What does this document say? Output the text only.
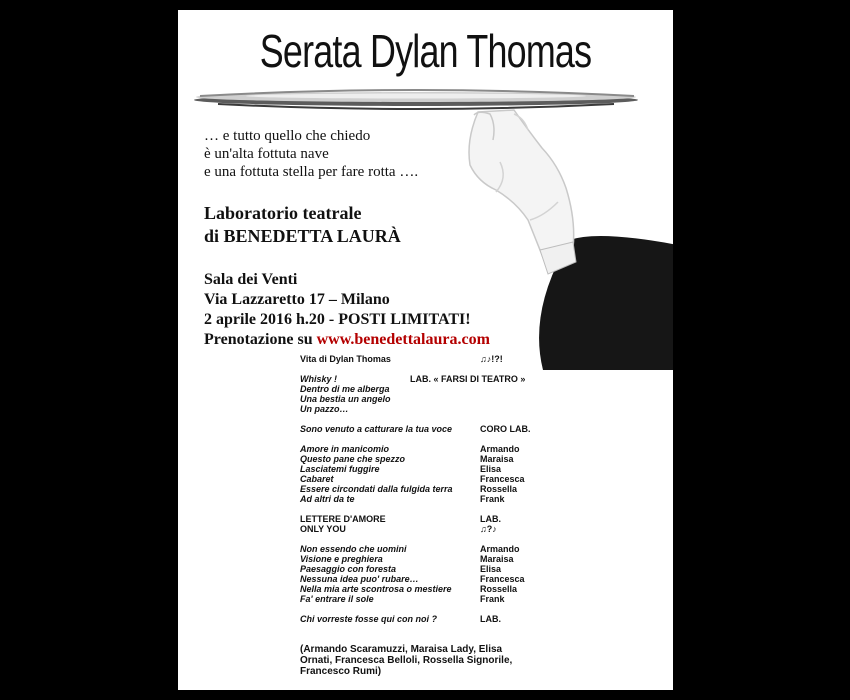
Serata Dylan Thomas
… e tutto quello che chiedo
è un'alta fottuta nave
e una fottuta stella per fare rotta ….
Laboratorio teatrale
di BENEDETTA LAURÀ
Sala dei Venti
Via Lazzaretto 17 – Milano
2 aprile 2016 h.20 - POSTI LIMITATI!
Prenotazione su www.benedettalaura.com
Vita di Dylan Thomas	♫♪!?!
Whisky !	LAB. « FARSI DI TEATRO »
Dentro di me alberga
Una bestia un angelo
Un pazzo…
Sono venuto a catturare la tua voce	CORO LAB.
Amore in manicomio	Armando
Questo pane che spezzo	Maraisa
Lasciatemi fuggire	Elisa
Cabaret	Francesca
Essere circondati dalla fulgida terra	Rossella
Ad altri da te	Frank
LETTERE D'AMORE	LAB.
ONLY YOU	♫?♪
Non essendo che uomini	Armando
Visione e preghiera	Maraisa
Paesaggio con foresta	Elisa
Nessuna idea puo' rubare…	Francesca
Nella mia arte scontrosa o mestiere	Rossella
Fa' entrare il sole	Frank
Chi vorreste fosse qui con noi ?	LAB.
(Armando Scaramuzzi, Maraisa Lady, Elisa Ornati, Francesca Belloli, Rossella Signorile, Francesco Rumi)
